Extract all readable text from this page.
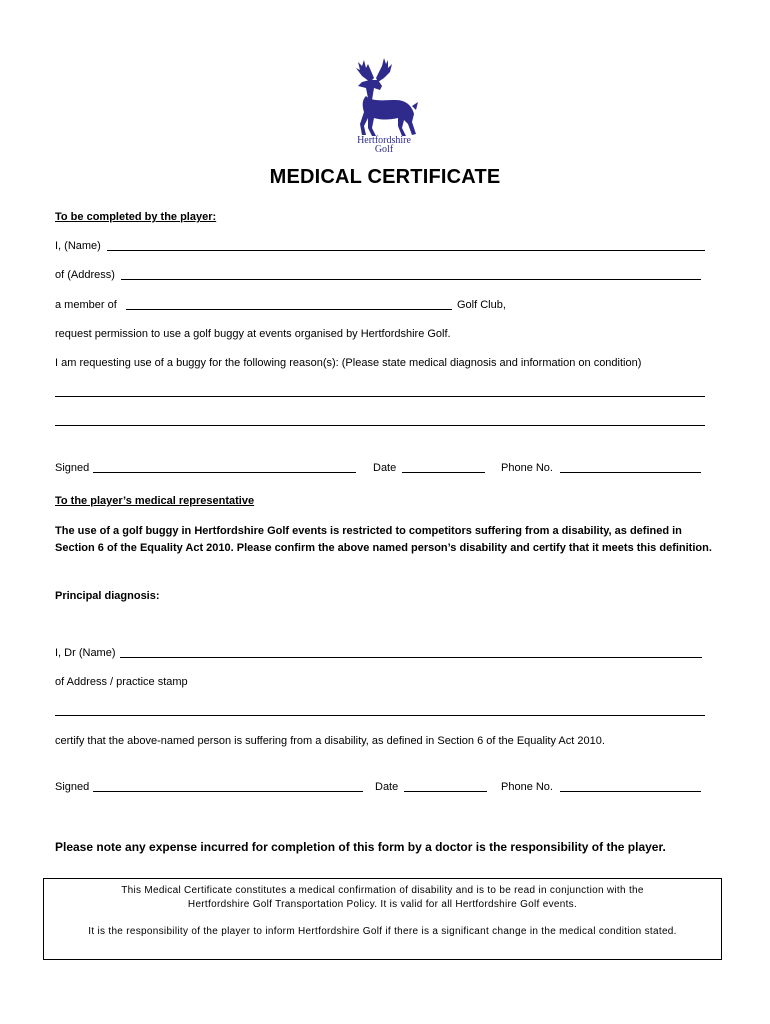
Hertfordshire
Golf
MEDICAL CERTIFICATE
To be completed by the player:
I, (Name)
of (Address)
a member of	Golf Club,
request permission to use a golf buggy at events organised by Hertfordshire Golf.
I am requesting use of a buggy for the following reason(s): (Please state medical diagnosis and information on condition)
Signed	Date	Phone No.
To the player’s medical representative
The use of a golf buggy in Hertfordshire Golf events is restricted to competitors suffering from a disability, as defined in Section 6 of the Equality Act 2010. Please confirm the above named person’s disability and certify that it meets this definition.
Principal diagnosis:
I, Dr (Name)
of Address / practice stamp
certify that the above-named person is suffering from a disability, as defined in Section 6 of the Equality Act 2010.
Signed	Date	Phone No.
Please note any expense incurred for completion of this form by a doctor is the responsibility of the player.
This Medical Certificate constitutes a medical confirmation of disability and is to be read in conjunction with the
Hertfordshire Golf Transportation Policy. It is valid for all Hertfordshire Golf events.
It is the responsibility of the player to inform Hertfordshire Golf if there is a significant change in the medical condition stated.
